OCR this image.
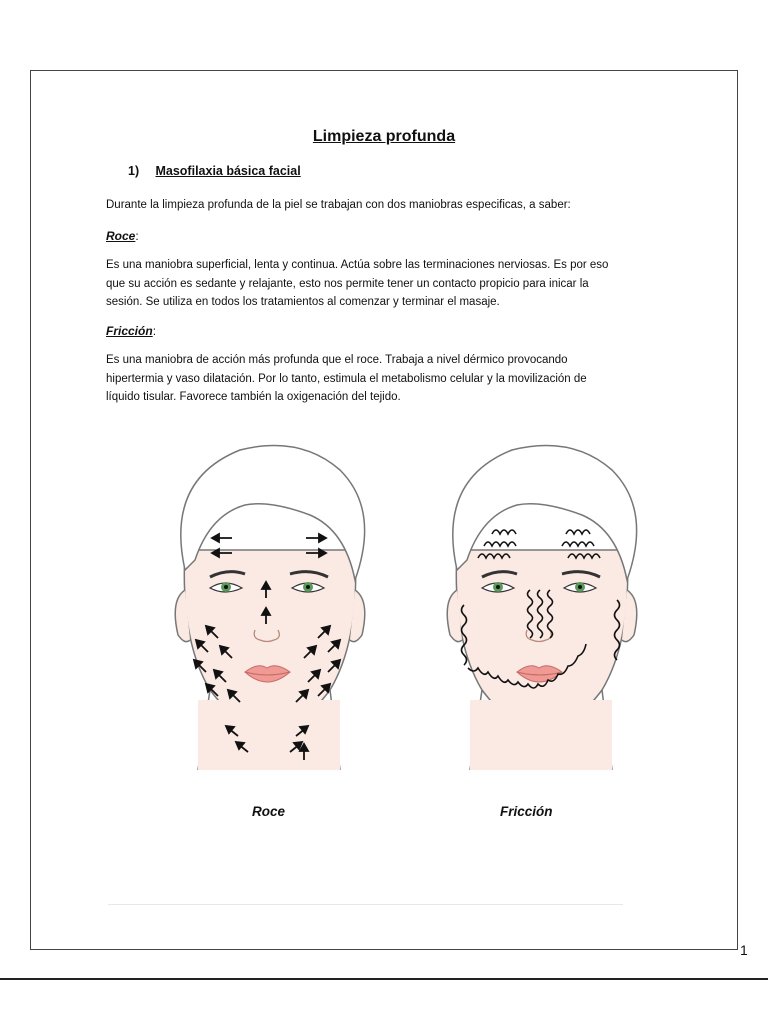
Limpieza profunda
1) Masofilaxia básica facial
Durante la limpieza profunda de la piel se trabajan con dos maniobras especificas, a saber:
Roce:
Es una maniobra superficial, lenta y continua. Actúa sobre las terminaciones nerviosas. Es por eso
que su acción es sedante y relajante, esto nos permite tener un contacto propicio para inicar la
sesión. Se utiliza en todos los tratamientos al comenzar y terminar el masaje.
Fricción:
Es una maniobra de acción más profunda que el roce. Trabaja a nivel dérmico provocando
hipertermia y vaso dilatación. Por lo tanto, estimula el metabolismo celular y la movilización de
líquido tisular. Favorece también la oxigenación del tejido.
Roce	Fricción
1
